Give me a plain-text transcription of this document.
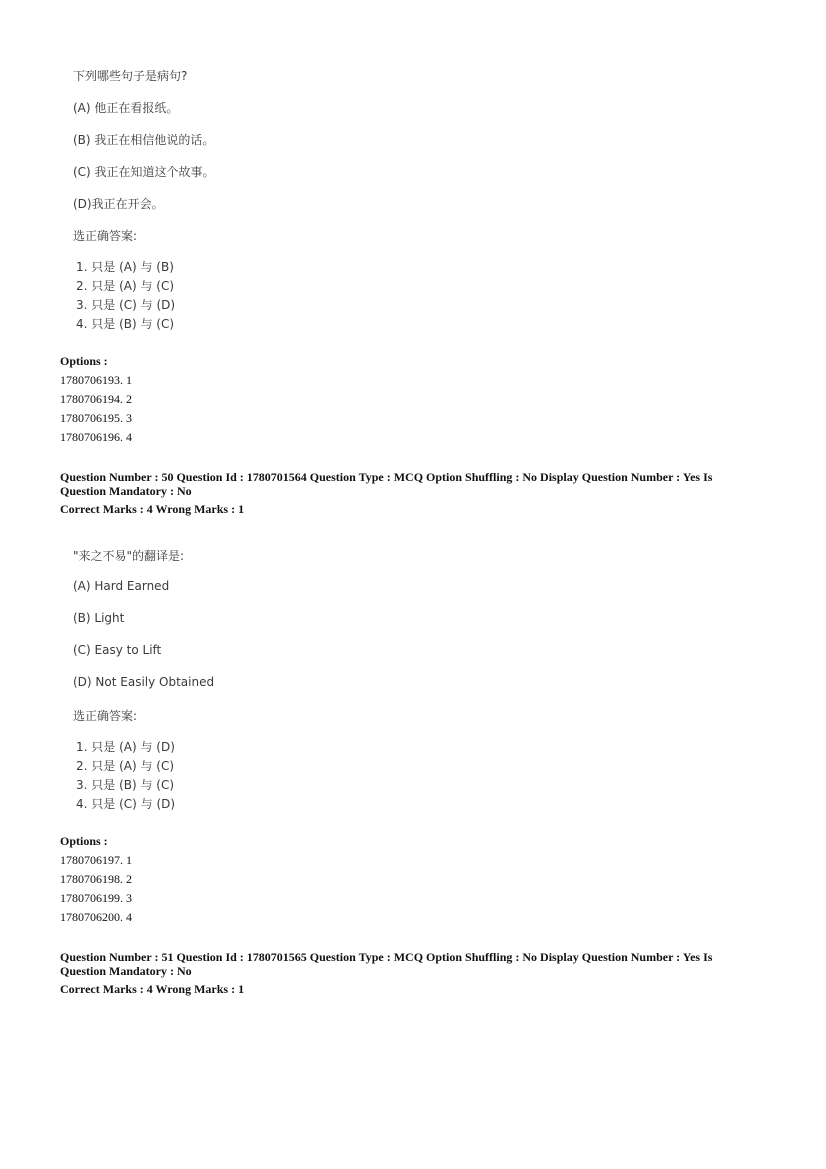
下列哪些句子是病句?
(A) 他正在看报纸。
(B) 我正在相信他说的话。
(C) 我正在知道这个故事。
(D)我正在开会。
选正确答案:
1. 只是 (A) 与 (B)
2. 只是 (A) 与 (C)
3. 只是 (C) 与 (D)
4. 只是 (B) 与 (C)
Options :
1780706193. 1
1780706194. 2
1780706195. 3
1780706196. 4
Question Number : 50 Question Id : 1780701564 Question Type : MCQ Option Shuffling : No Display Question Number : Yes Is Question Mandatory : No
Correct Marks : 4 Wrong Marks : 1
"来之不易"的翻译是:
(A) Hard Earned
(B) Light
(C) Easy to Lift
(D) Not Easily Obtained
选正确答案:
1. 只是 (A) 与 (D)
2. 只是 (A) 与 (C)
3. 只是 (B) 与 (C)
4. 只是 (C) 与 (D)
Options :
1780706197. 1
1780706198. 2
1780706199. 3
1780706200. 4
Question Number : 51 Question Id : 1780701565 Question Type : MCQ Option Shuffling : No Display Question Number : Yes Is Question Mandatory : No
Correct Marks : 4 Wrong Marks : 1
